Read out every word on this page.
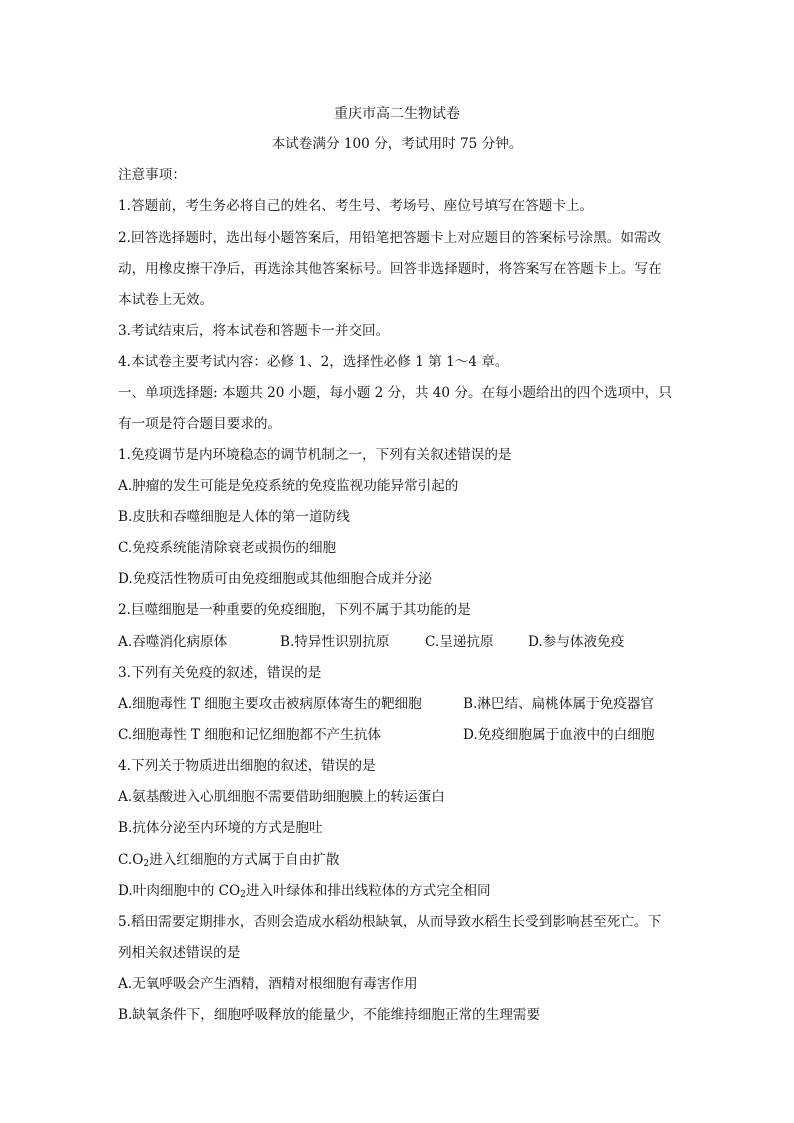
重庆市高二生物试卷
本试卷满分 100 分，考试用时 75 分钟。
注意事项：
1.答题前，考生务必将自己的姓名、考生号、考场号、座位号填写在答题卡上。
2.回答选择题时，选出每小题答案后，用铅笔把答题卡上对应题目的答案标号涂黑。如需改
动，用橡皮擦干净后，再选涂其他答案标号。回答非选择题时，将答案写在答题卡上。写在
本试卷上无效。
3.考试结束后，将本试卷和答题卡一并交回。
4.本试卷主要考试内容：必修 1、2，选择性必修 1 第 1～4 章。
一、单项选择题: 本题共 20 小题，每小题 2 分，共 40 分。在每小题给出的四个选项中，只
有一项是符合题目要求的。
1.免疫调节是内环境稳态的调节机制之一，下列有关叙述错误的是
A.肿瘤的发生可能是免疫系统的免疫监视功能异常引起的
B.皮肤和吞噬细胞是人体的第一道防线
C.免疫系统能清除衰老或损伤的细胞
D.免疫活性物质可由免疫细胞或其他细胞合成并分泌
2.巨噬细胞是一种重要的免疫细胞，下列不属于其功能的是
A.吞噬消化病原体	B.特异性识别抗原	C.呈递抗原	D.参与体液免疫
3.下列有关免疫的叙述，错误的是
A.细胞毒性 T 细胞主要攻击被病原体寄生的靶细胞	B.淋巴结、扁桃体属于免疫器官
C.细胞毒性 T 细胞和记忆细胞都不产生抗体	D.免疫细胞属于血液中的白细胞
4.下列关于物质进出细胞的叙述，错误的是
A.氨基酸进入心肌细胞不需要借助细胞膜上的转运蛋白
B.抗体分泌至内环境的方式是胞吐
$C.O_2$进入红细胞的方式属于自由扩散
D.叶肉细胞中的 $CO_2$进入叶绿体和排出线粒体的方式完全相同
5.稻田需要定期排水，否则会造成水稻幼根缺氧，从而导致水稻生长受到影响甚至死亡。下
列相关叙述错误的是
A.无氧呼吸会产生酒精，酒精对根细胞有毒害作用
B.缺氧条件下，细胞呼吸释放的能量少，不能维持细胞正常的生理需要
